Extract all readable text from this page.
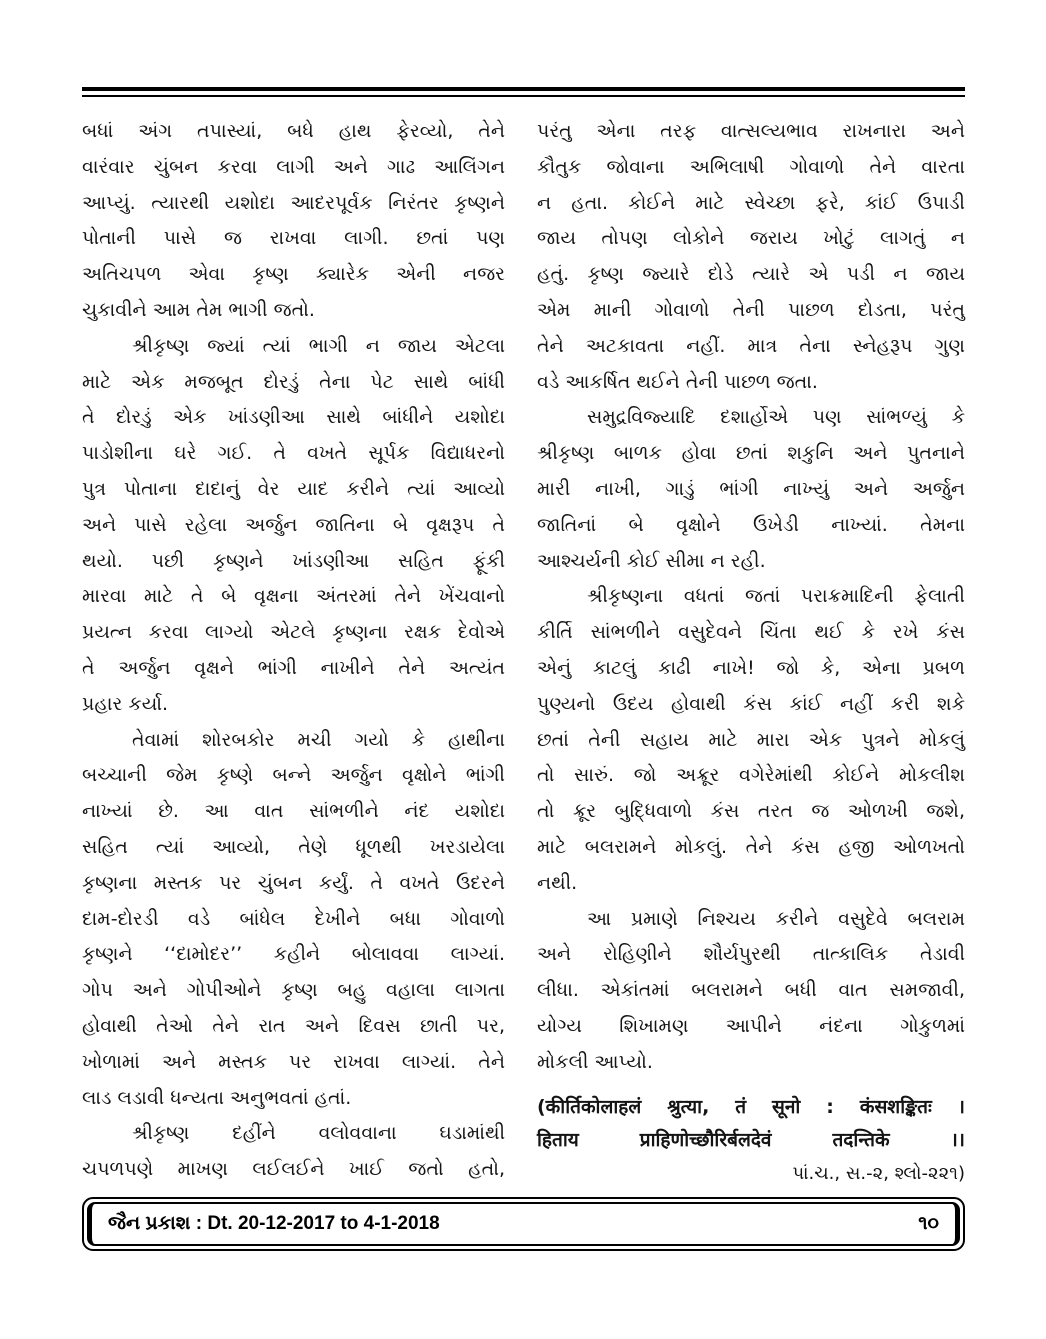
બધાં અંગ તપાસ્યાં, બધે હાથ ફેરવ્યો, તેને
વારંવાર ચુંબન કરવા લાગી અને ગાઢ આલિંગન
આપ્યું. ત્યારથી યશોદા આદરપૂર્વક નિરંતર કૃષ્ણને
પોતાની પાસે જ રાખવા લાગી. છતાં પણ
અતિચપળ એવા કૃષ્ણ ક્યારેક એની નજર
ચુકાવીને આમ તેમ ભાગી જતો.
શ્રીકૃષ્ણ જ્યાં ત્યાં ભાગી ન જાય એટલા
માટે એક મજબૂત દોરડું તેના પેટ સાથે બાંધી
તે દોરડું એક ખાંડણીઆ સાથે બાંધીને યશોદા
પાડોશીના ઘરે ગઈ. તે વખતે સૂર્પક વિદ્યાધરનો
પુત્ર પોતાના દાદાનું વેર યાદ કરીને ત્યાં આવ્યો
અને પાસે રહેલા અર્જુન જાતિના બે વૃક્ષરૂપ તે
થયો. પછી કૃષ્ણને ખાંડણીઆ સહિત ફૂંકી
મારવા માટે તે બે વૃક્ષના અંતરમાં તેને ખેંચવાનો
પ્રયત્ન કરવા લાગ્યો એટલે કૃષ્ણના રક્ષક દેવોએ
તે અર્જુન વૃક્ષને ભાંગી નાખીને તેને અત્યંત
પ્રહાર કર્યા.
તેવામાં શોરબકોર મચી ગયો કે હાથીના
બચ્ચાની જેમ કૃષ્ણે બન્ને અર્જુન વૃક્ષોને ભાંગી
નાખ્યાં છે. આ વાત સાંભળીને નંદ યશોદા
સહિત ત્યાં આવ્યો, તેણે ધૂળથી ખરડાયેલા
કૃષ્ણના મસ્તક પર ચુંબન કર્યું. તે વખતે ઉદરને
દામ-દોરડી વડે બાંધેલ દેખીને બધા ગોવાળો
કૃષ્ણને ‘‘દામોદર’’ કહીને બોલાવવા લાગ્યાં.
ગોપ અને ગોપીઓને કૃષ્ણ બહુ વહાલા લાગતા
હોવાથી તેઓ તેને રાત અને દિવસ છાતી પર,
ખોળામાં અને મસ્તક પર રાખવા લાગ્યાં. તેને
લાડ લડાવી ધન્યતા અનુભવતાં હતાં.
શ્રીકૃષ્ણ દહીંને વલોવવાના ઘડામાંથી
ચપળપણે માખણ લઈલઈને ખાઈ જતો હતો,
પરંતુ એના તરફ વાત્સલ્યભાવ રાખનારા અને
કૌતુક જોવાના અભિલાષી ગોવાળો તેને વારતા
ન હતા. કોઈને માટે સ્વેચ્છા ફરે, કાંઈ ઉપાડી
જાય તોપણ લોકોને જરાય ખોટું લાગતું ન
હતું. કૃષ્ણ જ્યારે દોડે ત્યારે એ પડી ન જાય
એમ માની ગોવાળો તેની પાછળ દોડતા, પરંતુ
તેને અટકાવતા નહીં. માત્ર તેના સ્નેહરૂપ ગુણ
વડે આકર્ષિત થઈને તેની પાછળ જતા.
સમુદ્રવિજ્યાદિ દશાર્હોએ પણ સાંભળ્યું કે
શ્રીકૃષ્ણ બાળક હોવા છતાં શકુનિ અને પુતનાને
મારી નાખી, ગાડું ભાંગી નાખ્યું અને અર્જુન
જાતિનાં બે વૃક્ષોને ઉખેડી નાખ્યાં. તેમના
આશ્ચર્યની કોઈ સીમા ન રહી.
શ્રીકૃષ્ણના વધતાં જતાં પરાક્રમાદિની ફેલાતી
કીર્તિ સાંભળીને વસુદેવને ચિંતા થઈ કે રખે કંસ
એનું કાટલું કાઢી નાખે! જો કે, એના પ્રબળ
પુણ્યનો ઉદય હોવાથી કંસ કાંઈ નહીં કરી શકે
છતાં તેની સહાય માટે મારા એક પુત્રને મોકલું
તો સારું. જો અક્રૂર વગેરેમાંથી કોઈને મોકલીશ
તો ક્રૂર બુદ્ધિવાળો કંસ તરત જ ઓળખી જશે,
માટે બલરામને મોકલું. તેને કંસ હજી ઓળખતો
નથી.
આ પ્રમાણે નિશ્ચય કરીને વસુદેવે બલરામ
અને રોહિણીને શૌર્યપુરથી તાત્કાલિક તેડાવી
લીધા. એકાંતમાં બલરામને બધી વાત સમજાવી,
યોગ્ય શિખામણ આપીને નંદના ગોકુળમાં
મોકલી આપ્યો.
(कीर्तिकोलाहलं श्रुत्या, तं सूनो : कंसशङ्कितः ।
हिताय प्राहिणोच्छौरिर्बलदेवं तदन्तिके ।।
પાં.ચ., સ.-૨, શ્લો-૨૨૧)
જૈન પ્રકાશ : Dt. 20-12-2017 to 4-1-2018	૧૦
